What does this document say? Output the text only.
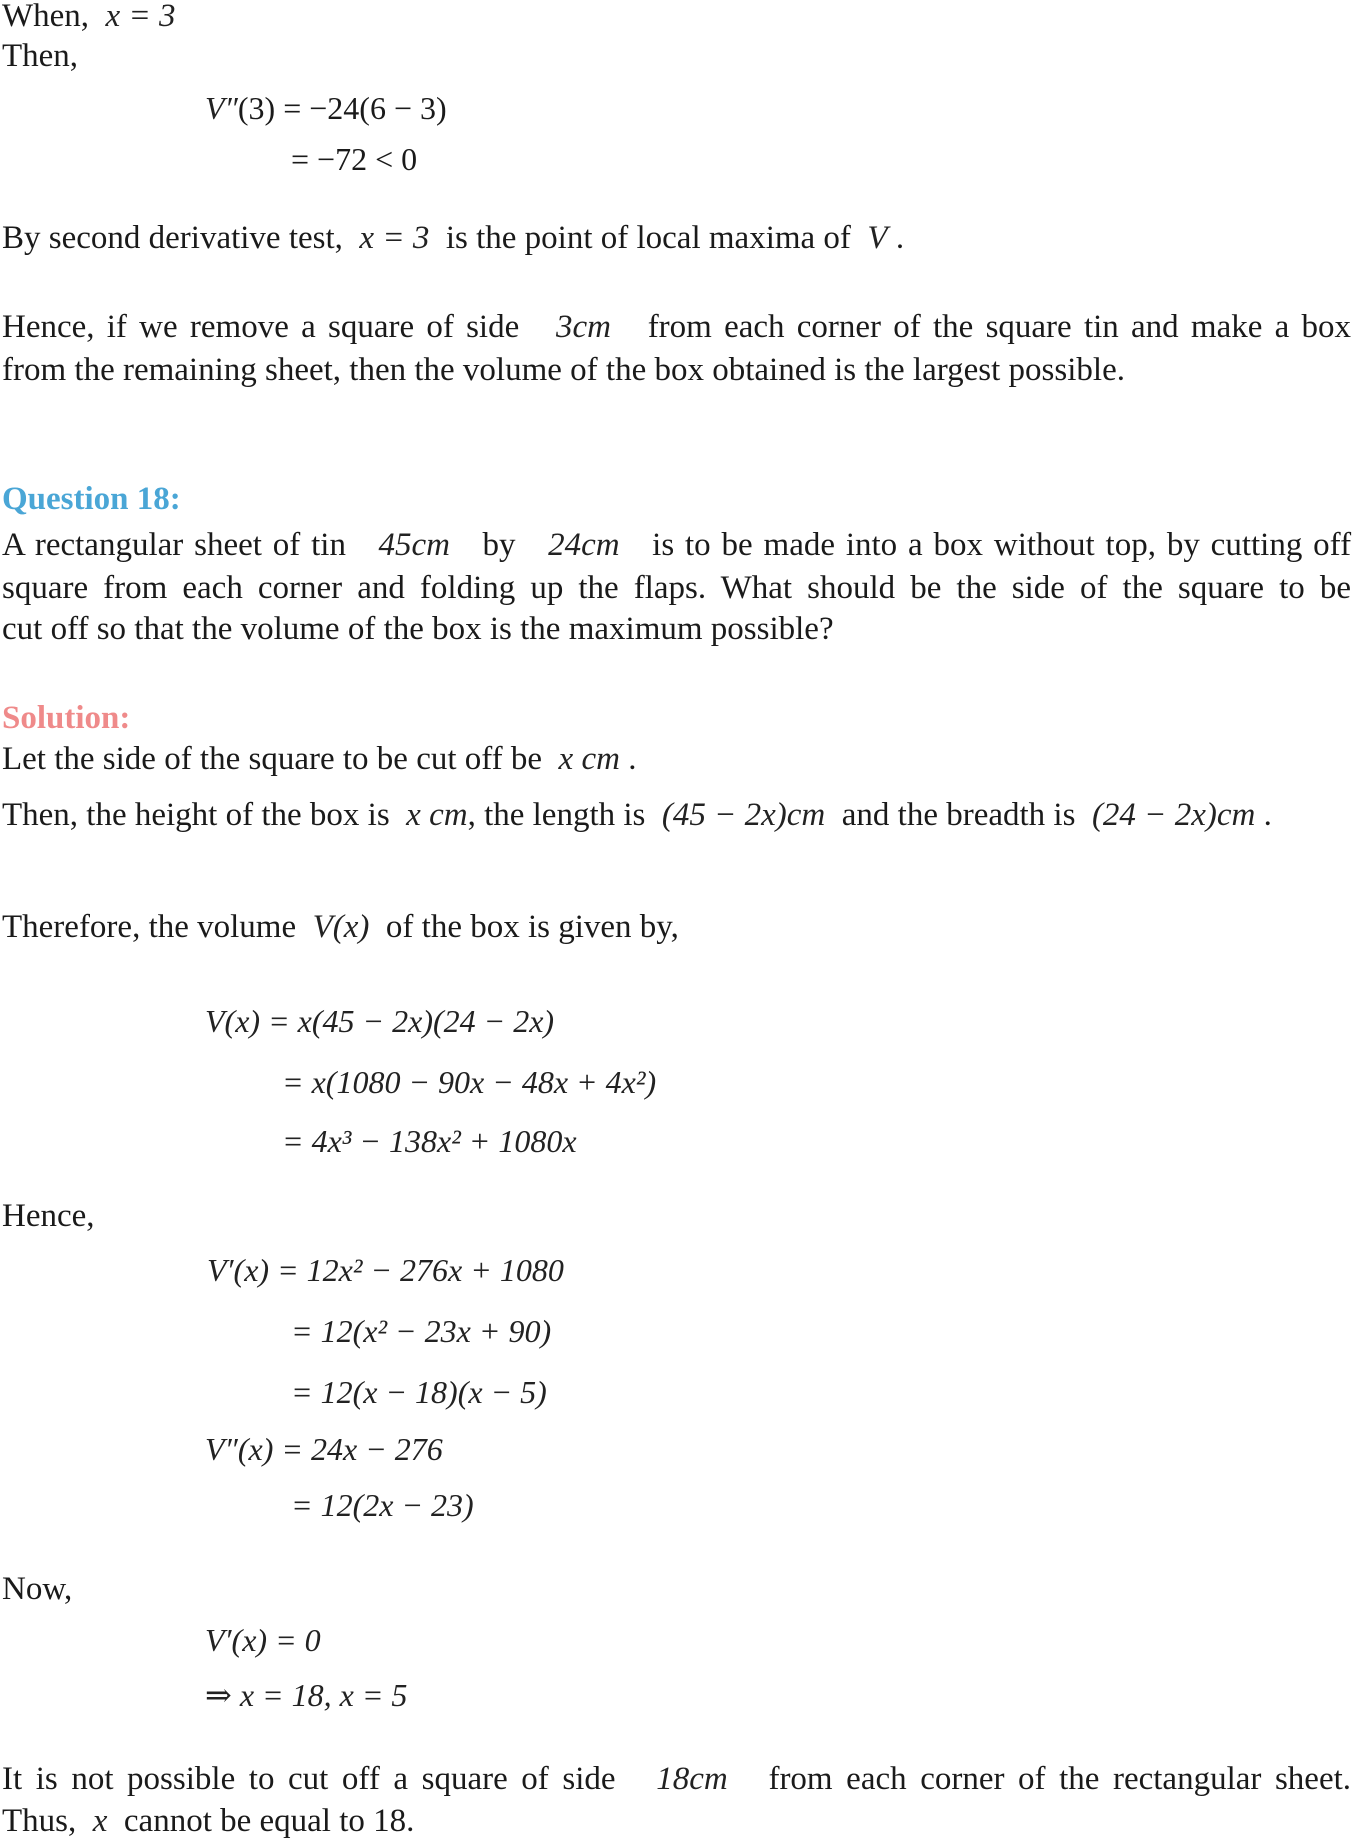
When,  x = 3
Then,
V″(3) = −24(6 − 3)
= −72 < 0
By second derivative test,  x = 3  is the point of local maxima of  V .
Hence, if we remove a square of side   3cm   from each corner of the square tin and make a box
from the remaining sheet, then the volume of the box obtained is the largest possible.
Question 18:
A rectangular sheet of tin   45cm   by   24cm   is to be made into a box without top, by cutting off
square from each corner and folding up the flaps. What should be the side of the square to be
cut off so that the volume of the box is the maximum possible?
Solution:
Let the side of the square to be cut off be  x cm .
Then, the height of the box is  x cm, the length is  (45 − 2x)cm  and the breadth is  (24 − 2x)cm .
Therefore, the volume  V(x)  of the box is given by,
V(x) = x(45 − 2x)(24 − 2x)
= x(1080 − 90x − 48x + 4x²)
= 4x³ − 138x² + 1080x
Hence,
V′(x) = 12x² − 276x + 1080
= 12(x² − 23x + 90)
= 12(x − 18)(x − 5)
V″(x) = 24x − 276
= 12(2x − 23)
Now,
V′(x) = 0
⇒ x = 18, x = 5
It is not possible to cut off a square of side   18cm   from each corner of the rectangular sheet.
Thus,  x  cannot be equal to 18.
